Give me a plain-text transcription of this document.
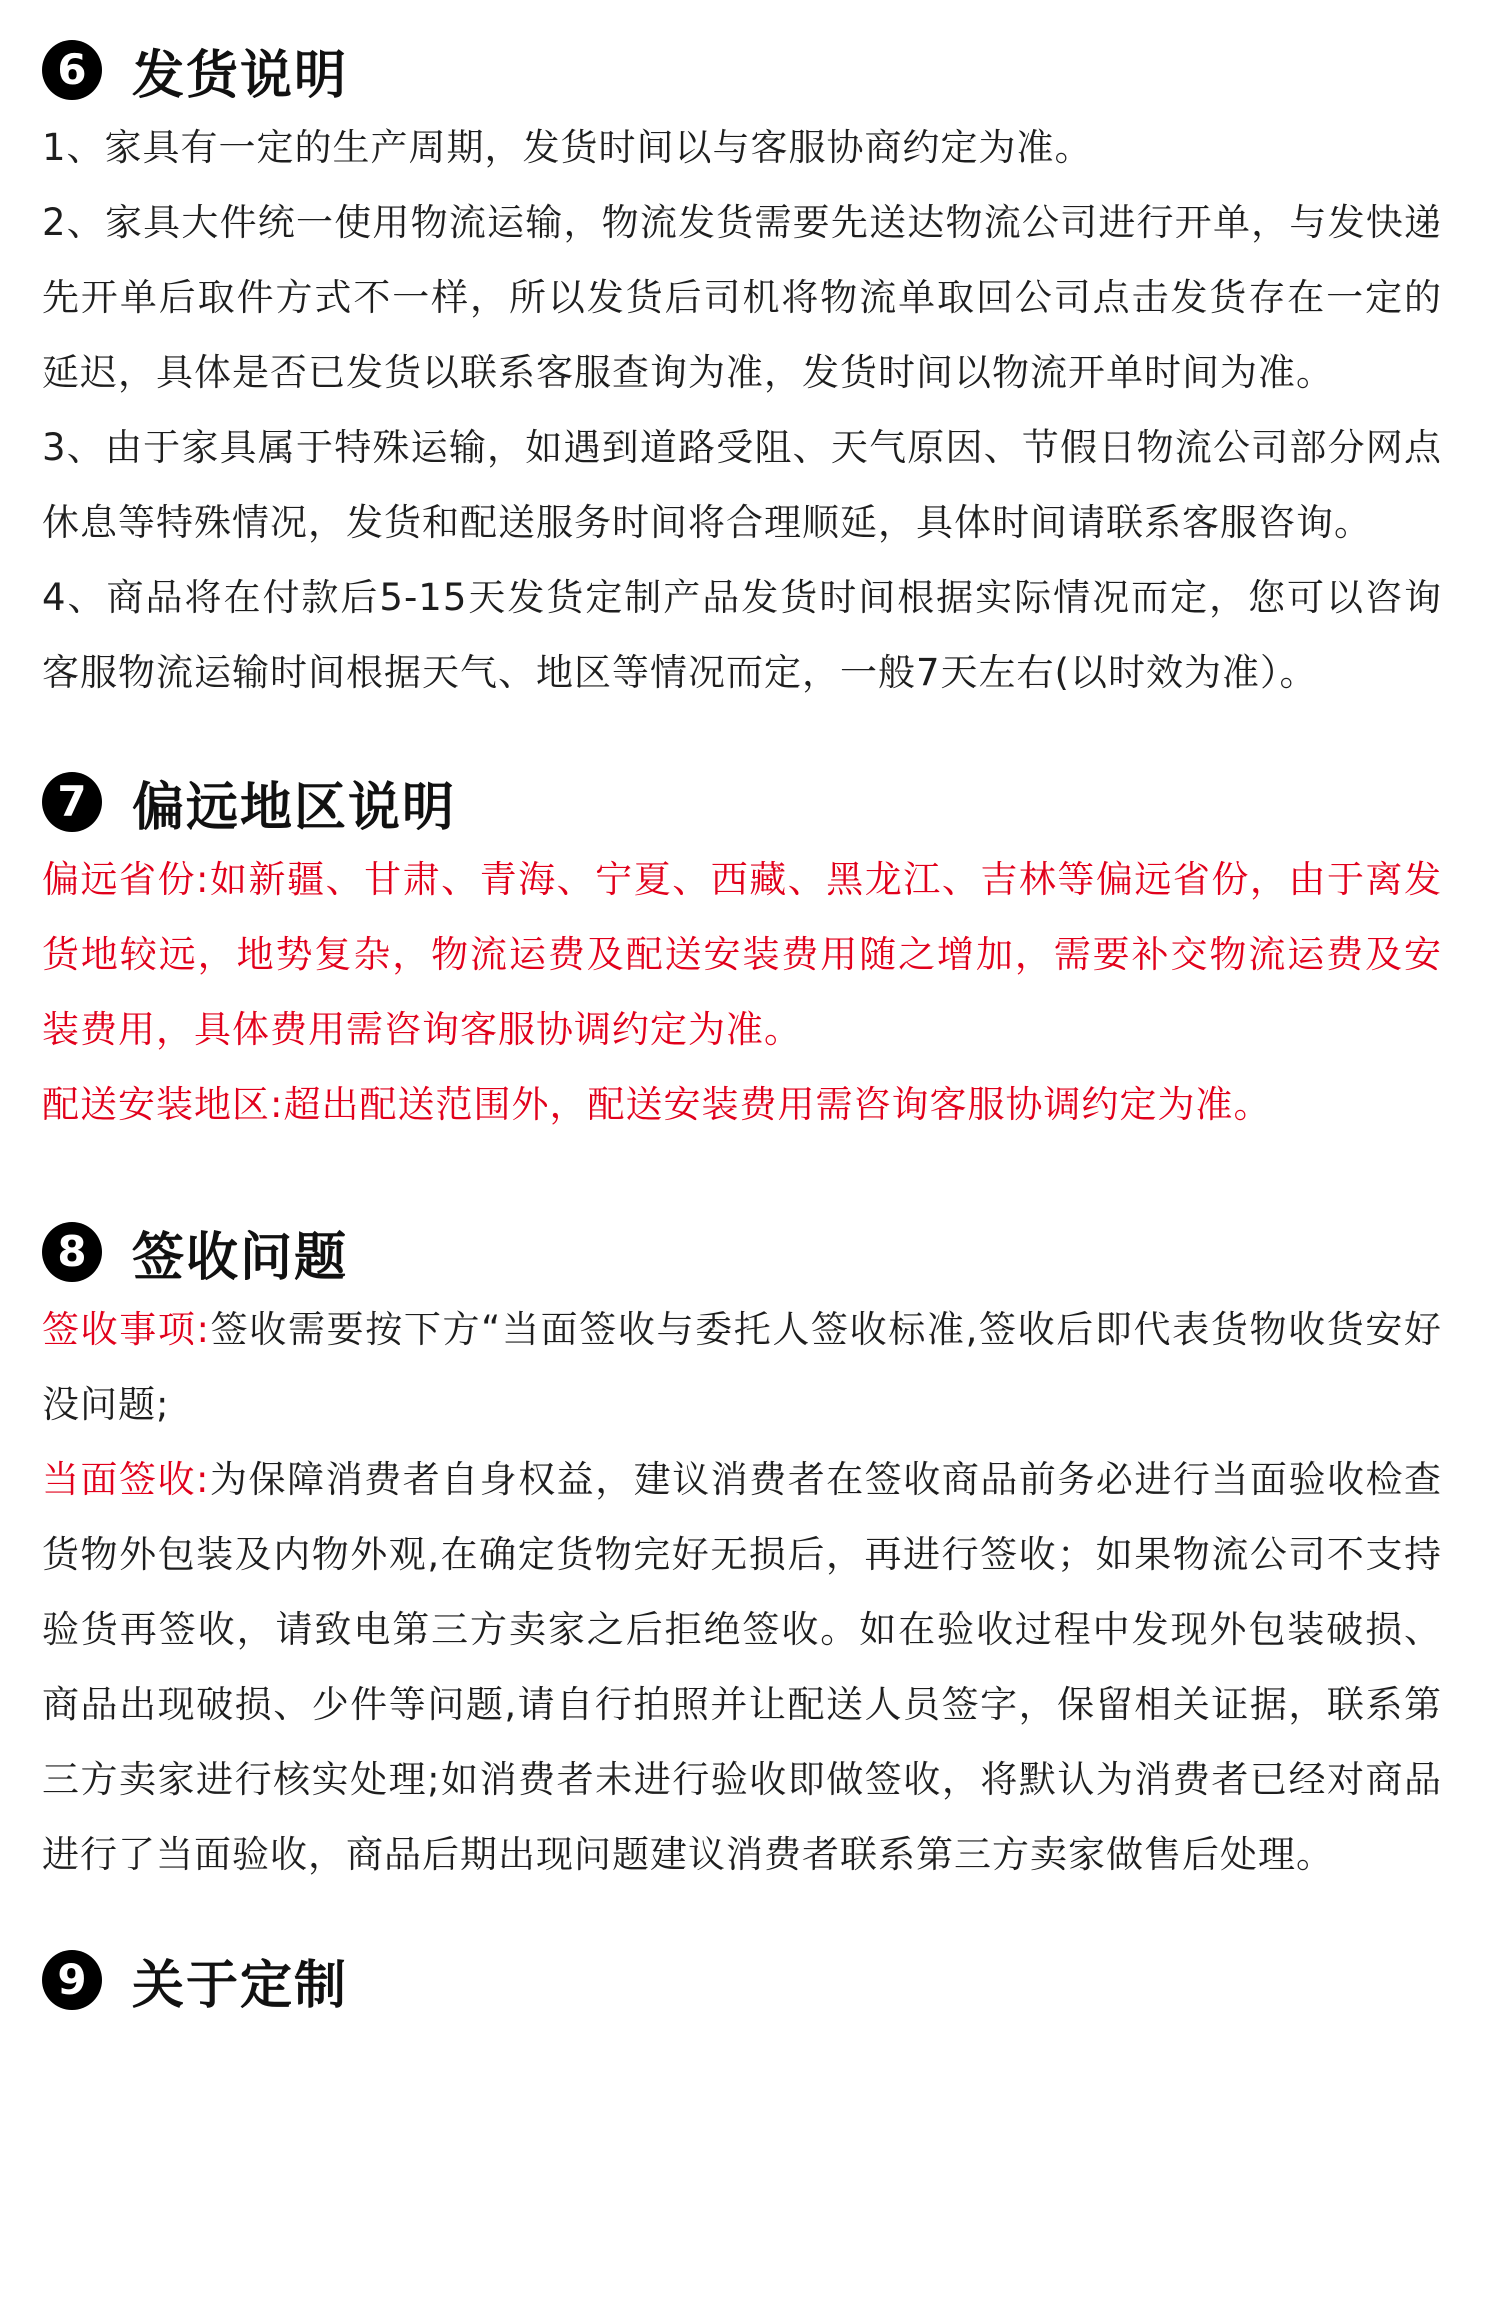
6 发货说明

1、家具有一定的生产周期，发货时间以与客服协商约定为准。

2、家具大件统一使用物流运输，物流发货需要先送达物流公司进行开单，与发快递先开单后取件方式不一样，所以发货后司机将物流单取回公司点击发货存在一定的延迟，具体是否已发货以联系客服查询为准，发货时间以物流开单时间为准。

3、由于家具属于特殊运输，如遇到道路受阻、天气原因、节假日物流公司部分网点休息等特殊情况，发货和配送服务时间将合理顺延，具体时间请联系客服咨询。

4、商品将在付款后5-15天发货定制产品发货时间根据实际情况而定，您可以咨询客服物流运输时间根据天气、地区等情况而定，一般7天左右(以时效为准）。

7 偏远地区说明

偏远省份:如新疆、甘肃、青海、宁夏、西藏、黑龙江、吉林等偏远省份，由于离发货地较远，地势复杂，物流运费及配送安装费用随之增加，需要补交物流运费及安装费用，具体费用需咨询客服协调约定为准。

配送安装地区:超出配送范围外，配送安装费用需咨询客服协调约定为准。

8 签收问题

签收事项:签收需要按下方“当面签收与委托人签收标准,签收后即代表货物收货安好没问题;

当面签收:为保障消费者自身权益，建议消费者在签收商品前务必进行当面验收检查货物外包装及内物外观,在确定货物完好无损后，再进行签收；如果物流公司不支持验货再签收，请致电第三方卖家之后拒绝签收。如在验收过程中发现外包装破损、商品出现破损、少件等问题,请自行拍照并让配送人员签字，保留相关证据，联系第三方卖家进行核实处理;如消费者未进行验收即做签收，将默认为消费者已经对商品进行了当面验收，商品后期出现问题建议消费者联系第三方卖家做售后处理。

9 关于定制
